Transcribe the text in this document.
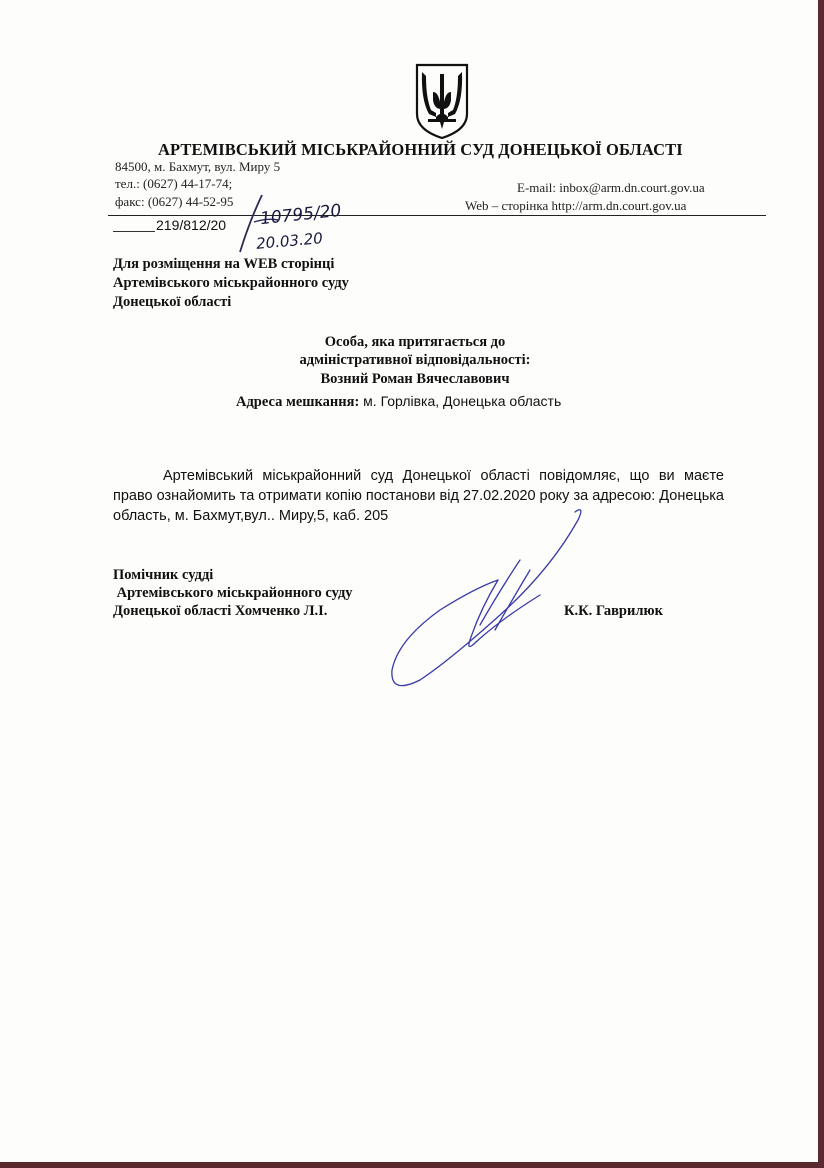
АРТЕМІВСЬКИЙ МІСЬКРАЙОННИЙ СУД ДОНЕЦЬКОЇ ОБЛАСТІ
84500, м. Бахмут, вул. Миру 5
тел.: (0627) 44-17-74;
факс: (0627) 44-52-95
E-mail: inbox@arm.dn.court.gov.ua
Web – сторінка http://arm.dn.court.gov.ua
219/812/20 10795/20
20.03.20
Для розміщення на WEB сторінці
Артемівського міськрайонного суду
Донецької області
Особа, яка притягається до
адміністративної відповідальності:
Возний Роман Вячеславович
Адреса мешкання: м. Горлівка, Донецька область
Артемівський міськрайонний суд Донецької області повідомляє, що ви маєте право ознайомить та отримати копію постанови від 27.02.2020 року за адресою: Донецька область, м. Бахмут,вул.. Миру,5, каб. 205
Помічник судді
Артемівського міськрайонного суду
Донецької області Хомченко Л.І.	К.К. Гаврилюк
